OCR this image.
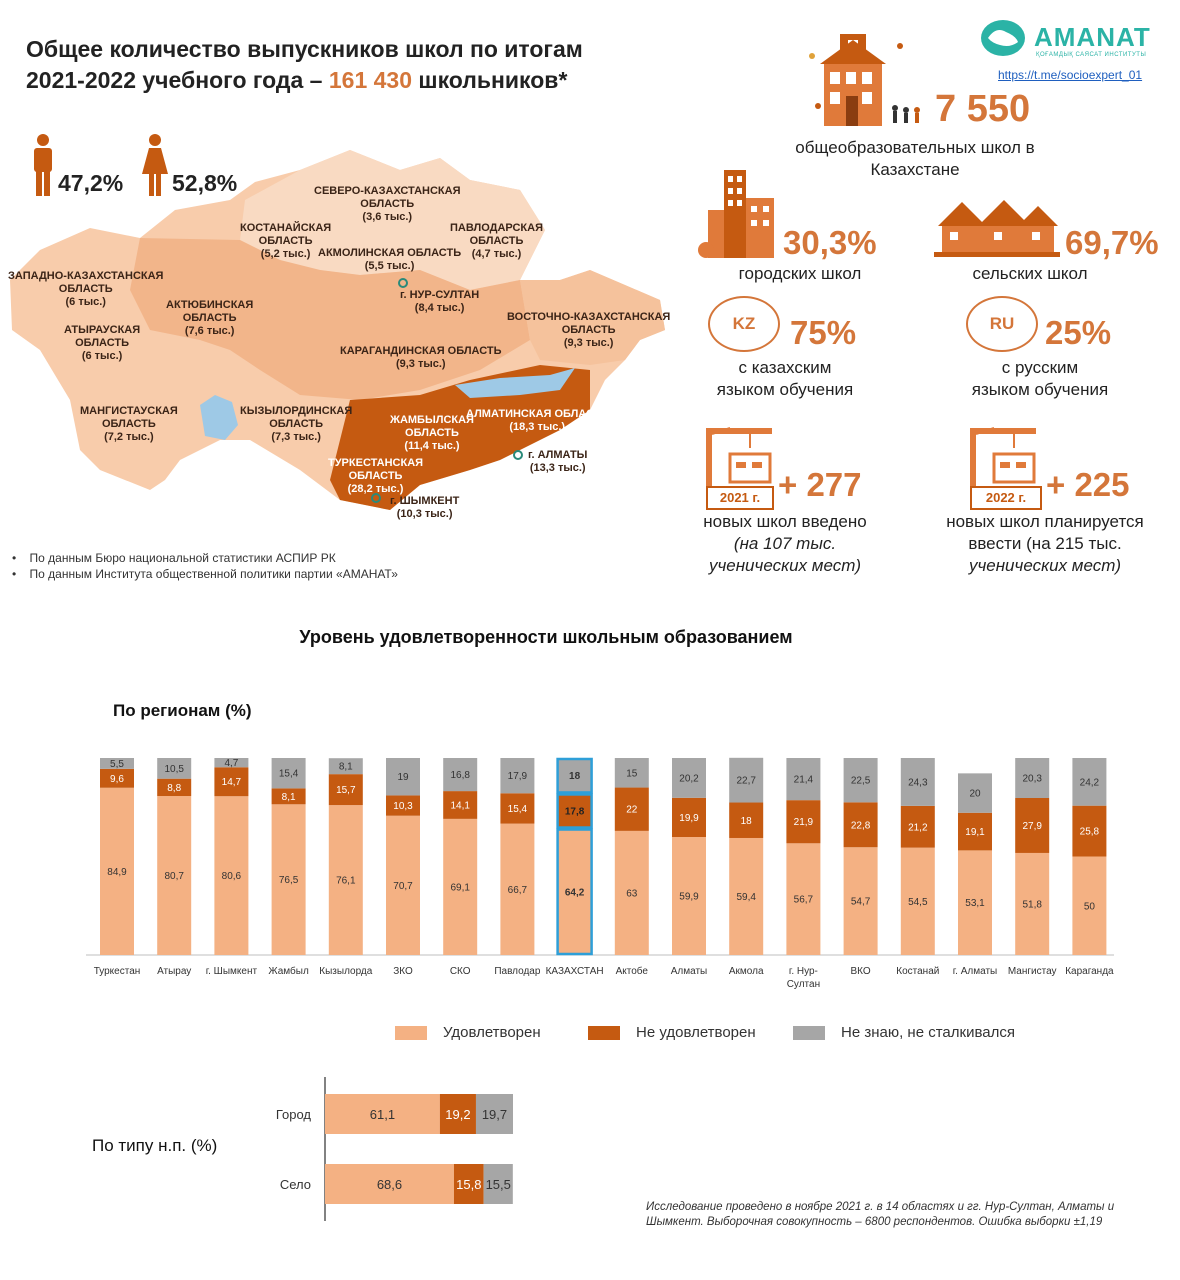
Общее количество выпускников школ по итогам
2021-2022 учебного года – 161 430 школьников*
47,2% 52,8%	СЕВЕРО-КАЗАХСТАНСКАЯ
ОБЛАСТЬ
(3,6 тыс.)
КОСТАНАЙСКАЯ
ОБЛАСТЬ
(5,2 тыс.) АКМОЛИНСКАЯ ОБЛАСТЬ
(5,5 тыс.)
ПАВЛОДАРСКАЯ
ОБЛАСТЬ
(4,7 тыс.)
ЗАПАДНО-КАЗАХСТАНСКАЯ
ОБЛАСТЬ
(6 тыс.)	АКТЮБИНСКАЯ
ОБЛАСТЬ
(7,6 тыс.)
г. НУР-СУЛТАН
(8,4 тыс.)
АТЫРАУСКАЯ
ОБЛАСТЬ
(6 тыс.)
ВОСТОЧНО-КАЗАХСТАНСКАЯ
ОБЛАСТЬ
(9,3 тыс.)
КАРАГАНДИНСКАЯ ОБЛАСТЬ
(9,3 тыс.)
МАНГИСТАУСКАЯ
ОБЛАСТЬ
(7,2 тыс.)
КЫЗЫЛОРДИНСКАЯ
ОБЛАСТЬ
(7,3 тыс.)
ЖАМБЫЛСКАЯ
ОБЛАСТЬ
(11,4 тыс.)
АЛМАТИНСКАЯ ОБЛАСТЬ
(18,3 тыс.)
г. АЛМАТЫ
(13,3 тыс.)
ТУРКЕСТАНСКАЯ
ОБЛАСТЬ
(28,2 тыс.)
г. ШЫМКЕНТ
(10,3 тыс.)
•    По данным Бюро национальной статистики АСПИР РК
•    По данным Института общественной политики партии «АМАНАТ»
AMANAT
ҚОҒАМДЫҚ САЯСАТ ИНСТИТУТЫ
https://t.me/socioexpert_01
7 550
общеобразовательных школ в Казахстане
30,3%
городских школ
69,7%
сельских школ
KZ	75%
с казахским
языком обучения
RU 25%
с русским
языком обучения
2021 г. + 277
новых школ введено
(на 107 тыс.
ученических мест)
2022 г. + 225
новых школ планируется
ввести (на 215 тыс.
ученических мест)
Уровень удовлетворенности школьным образованием
По регионам (%)
84,9
9,6
5,5
Туркестан
80,7
8,8
10,5
Атырау
80,6
14,7
4,7
г. Шымкент
76,5
8,1
15,4
Жамбыл
76,1
15,7
8,1
Кызылорда
70,7
10,3
19
ЗКО
69,1
14,1
16,8
СКО
66,7
15,4
17,9
Павлодар
64,2
17,8
18
КАЗАХСТАН
63
22
15
Актобе
59,9
19,9
20,2
Алматы
59,4
18
22,7
Акмола
56,7
21,9
21,4
г. Нур-
Султан
54,7
22,8
22,5
ВКО
54,5
21,2
24,3
Костанай
53,1
19,1
20
г. Алматы
51,8
27,9
20,3
Мангистау
50
25,8
24,2
Караганда
Удовлетворен	Не удовлетворен	Не знаю, не сталкивался
По типу н.п. (%)
Город	61,1	19,2 19,7
Село	68,6	15,8 15,5
Исследование проведено в ноябре 2021 г. в 14 областях и гг. Нур-Султан, Алматы и
Шымкент. Выборочная совокупность – 6800 респондентов. Ошибка выборки ±1,19
